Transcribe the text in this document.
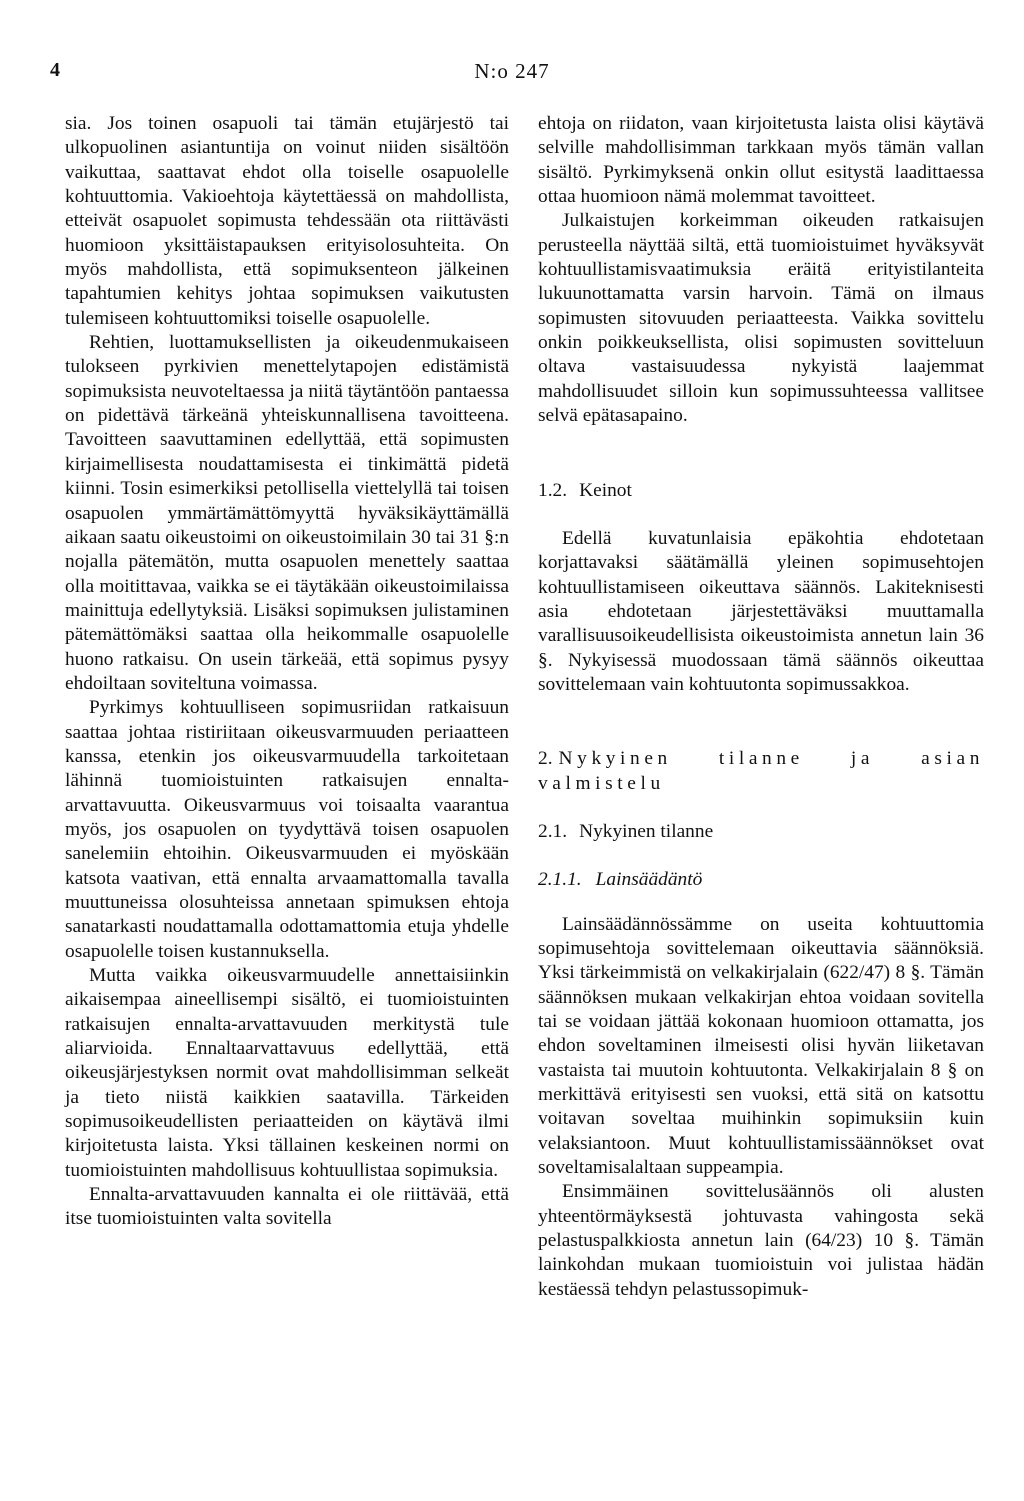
4	N:o 247

sia. Jos toinen osapuoli tai tämän etujärjestö tai ulkopuolinen asiantuntija on voinut niiden sisältöön vaikuttaa, saattavat ehdot olla toiselle osapuolelle kohtuuttomia. Vakioehtoja käytettäessä on mahdollista, etteivät osapuolet sopimusta tehdessään ota riittävästi huomioon yksittäistapauksen erityisolosuhteita. On myös mahdollista, että sopimuksenteon jälkeinen tapahtumien kehitys johtaa sopimuksen vaikutusten tulemiseen kohtuuttomiksi toiselle osapuolelle.

Rehtien, luottamuksellisten ja oikeudenmukaiseen tulokseen pyrkivien menettelytapojen edistämistä sopimuksista neuvoteltaessa ja niitä täytäntöön pantaessa on pidettävä tärkeänä yhteiskunnallisena tavoitteena. Tavoitteen saavuttaminen edellyttää, että sopimusten kirjaimellisesta noudattamisesta ei tinkimättä pidetä kiinni. Tosin esimerkiksi petollisella viettelyllä tai toisen osapuolen ymmärtämättömyyttä hyväksikäyttämällä aikaan saatu oikeustoimi on oikeustoimilain 30 tai 31 §:n nojalla pätemätön, mutta osapuolen menettely saattaa olla moitittavaa, vaikka se ei täytäkään oikeustoimilaissa mainittuja edellytyksiä. Lisäksi sopimuksen julistaminen pätemättömäksi saattaa olla heikommalle osapuolelle huono ratkaisu. On usein tärkeää, että sopimus pysyy ehdoiltaan soviteltuna voimassa.

Pyrkimys kohtuulliseen sopimusriidan ratkaisuun saattaa johtaa ristiriitaan oikeusvarmuuden periaatteen kanssa, etenkin jos oikeusvarmuudella tarkoitetaan lähinnä tuomioistuinten ratkaisujen ennalta-arvattavuutta. Oikeusvarmuus voi toisaalta vaarantua myös, jos osapuolen on tyydyttävä toisen osapuolen sanelemiin ehtoihin. Oikeusvarmuuden ei myöskään katsota vaativan, että ennalta arvaamattomalla tavalla muuttuneissa olosuhteissa annetaan spimuksen ehtoja sanatarkasti noudattamalla odottamattomia etuja yhdelle osapuolelle toisen kustannuksella.

Mutta vaikka oikeusvarmuudelle annettaisiinkin aikaisempaa aineellisempi sisältö, ei tuomioistuinten ratkaisujen ennalta-arvattavuuden merkitystä tule aliarvioida. Ennaltaarvattavuus edellyttää, että oikeusjärjestyksen normit ovat mahdollisimman selkeät ja tieto niistä kaikkien saatavilla. Tärkeiden sopimusoikeudellisten periaatteiden on käytävä ilmi kirjoitetusta laista. Yksi tällainen keskeinen normi on tuomioistuinten mahdollisuus kohtuullistaa sopimuksia.

Ennalta-arvattavuuden kannalta ei ole riittävää, että itse tuomioistuinten valta sovitella

ehtoja on riidaton, vaan kirjoitetusta laista olisi käytävä selville mahdollisimman tarkkaan myös tämän vallan sisältö. Pyrkimyksenä onkin ollut esitystä laadittaessa ottaa huomioon nämä molemmat tavoitteet.

Julkaistujen korkeimman oikeuden ratkaisujen perusteella näyttää siltä, että tuomioistuimet hyväksyvät kohtuullistamisvaatimuksia eräitä erityistilanteita lukuunottamatta varsin harvoin. Tämä on ilmaus sopimusten sitovuuden periaatteesta. Vaikka sovittelu onkin poikkeuksellista, olisi sopimusten sovitteluun oltava vastaisuudessa nykyistä laajemmat mahdollisuudet silloin kun sopimussuhteessa vallitsee selvä epätasapaino.

1.2. Keinot

Edellä kuvatunlaisia epäkohtia ehdotetaan korjattavaksi säätämällä yleinen sopimusehtojen kohtuullistamiseen oikeuttava säännös. Lakiteknisesti asia ehdotetaan järjestettäväksi muuttamalla varallisuusoikeudellisista oikeustoimista annetun lain 36 §. Nykyisessä muodossaan tämä säännös oikeuttaa sovittelemaan vain kohtuutonta sopimussakkoa.

2. Nykyinen tilanne ja asian valmistelu
2.1. Nykyinen tilanne
2.1.1. Lainsäädäntö

Lainsäädännössämme on useita kohtuuttomia sopimusehtoja sovittelemaan oikeuttavia säännöksiä. Yksi tärkeimmistä on velkakirjalain (622/47) 8 §. Tämän säännöksen mukaan velkakirjan ehtoa voidaan sovitella tai se voidaan jättää kokonaan huomioon ottamatta, jos ehdon soveltaminen ilmeisesti olisi hyvän liiketavan vastaista tai muutoin kohtuutonta. Velkakirjalain 8 § on merkittävä erityisesti sen vuoksi, että sitä on katsottu voitavan soveltaa muihinkin sopimuksiin kuin velaksiantoon. Muut kohtuullistamissäännökset ovat soveltamisalaltaan suppeampia.

Ensimmäinen sovittelusäännös oli alusten yhteentörmäyksestä johtuvasta vahingosta sekä pelastuspalkkiosta annetun lain (64/23) 10 §. Tämän lainkohdan mukaan tuomioistuin voi julistaa hädän kestäessä tehdyn pelastussopimuk-
